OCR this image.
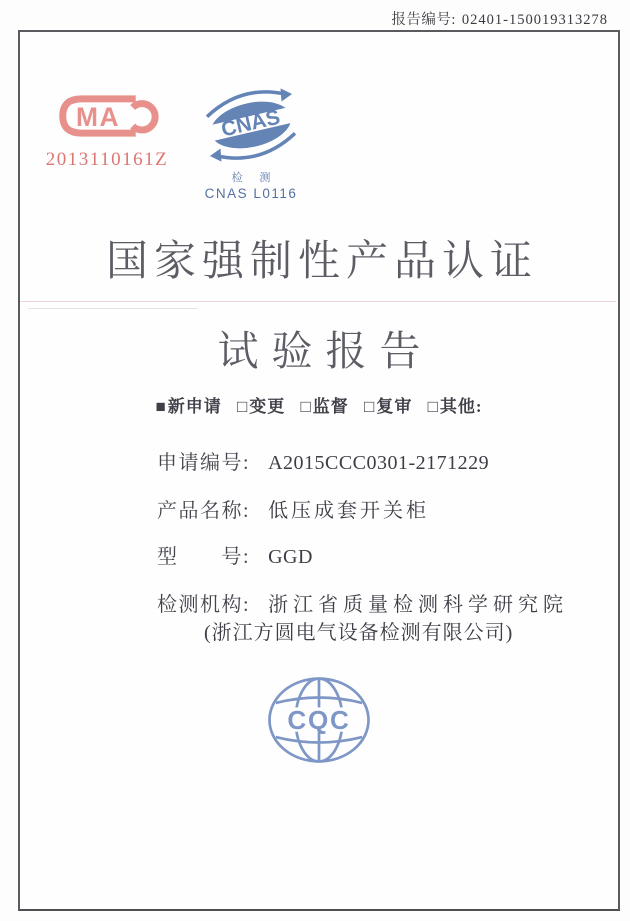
报告编号: 02401-150019313278
MA
2013110161Z
CNAS
检 测
CNAS L0116
国家强制性产品认证
试验报告
■新申请 □变更 □监督 □复审 □其他:
申请编号: A2015CCC0301-2171229
产品名称: 低压成套开关柜
型　　号: GGD
检测机构: 浙江省质量检测科学研究院
(浙江方圆电气设备检测有限公司)
CQC
